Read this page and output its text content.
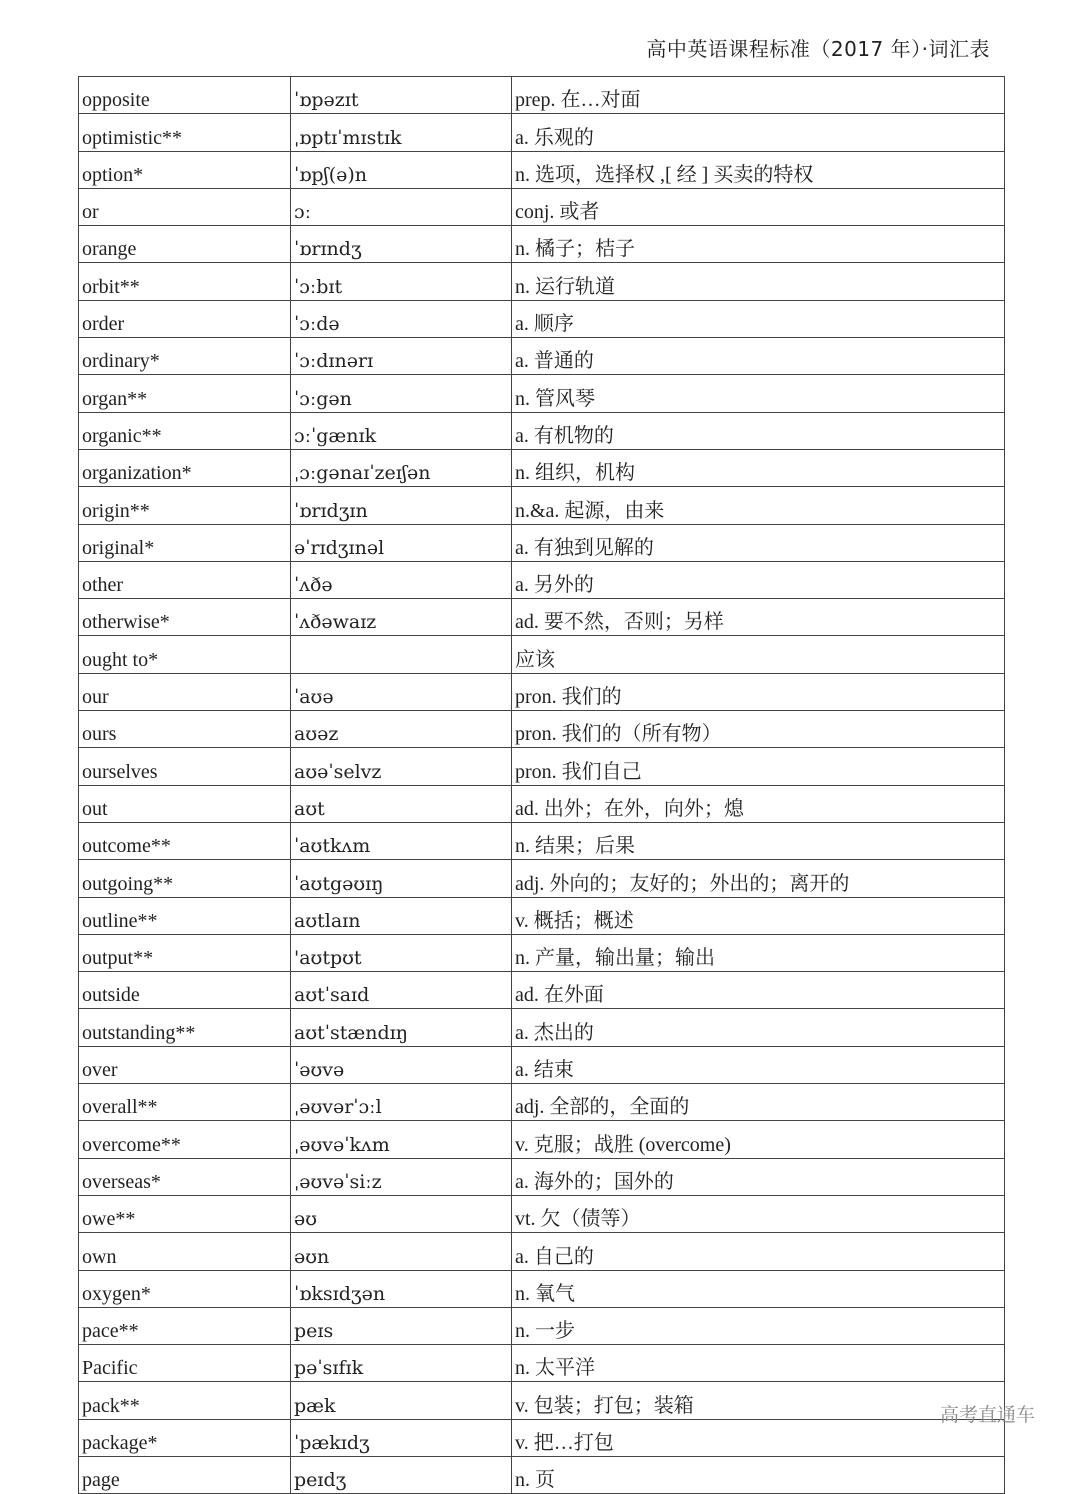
高中英语课程标准（2017 年）·词汇表
opposite	ˈɒpəzɪt	prep. 在…对面
optimistic**	ˌɒptɪˈmɪstɪk	a. 乐观的
option*	ˈɒpʃ(ə)n	n. 选项，选择权 ,[ 经 ] 买卖的特权
or	ɔː	conj. 或者
orange	ˈɒrɪndʒ	n. 橘子；桔子
orbit**	ˈɔːbɪt	n. 运行轨道
order	ˈɔːdə	a. 顺序
ordinary*	ˈɔːdɪnərɪ	a. 普通的
organ**	ˈɔːgən	n. 管风琴
organic**	ɔːˈgænɪk	a. 有机物的
organization*	ˌɔːgənaɪˈzeɪʃən	n. 组织，机构
origin**	ˈɒrɪdʒɪn	n.&a. 起源，由来
original*	əˈrɪdʒɪnəl	a. 有独到见解的
other	ˈʌðə	a. 另外的
otherwise*	ˈʌðəwaɪz	ad. 要不然，否则；另样
ought to*		应该
our	ˈaʊə	pron. 我们的
ours	aʊəz	pron. 我们的（所有物）
ourselves	aʊəˈselvz	pron. 我们自己
out	aʊt	ad. 出外；在外，向外；熄
outcome**	ˈaʊtkʌm	n. 结果；后果
outgoing**	ˈaʊtgəʊɪŋ	adj. 外向的；友好的；外出的；离开的
outline**	aʊtlaɪn	v. 概括；概述
output**	'aʊtpʊt	n. 产量，输出量；输出
outside	aʊtˈsaɪd	ad. 在外面
outstanding**	aʊtˈstændɪŋ	a. 杰出的
over	ˈəʊvə	a. 结束
overall**	ˌəʊvərˈɔːl	adj. 全部的，全面的
overcome**	ˌəʊvəˈkʌm	v. 克服；战胜 (overcome)
overseas*	ˌəʊvəˈsiːz	a. 海外的；国外的
owe**	əʊ	vt. 欠（债等）
own	əʊn	a. 自己的
oxygen*	ˈɒksɪdʒən	n. 氧气
pace**	peɪs	n. 一步
Pacific	pəˈsɪfɪk	n. 太平洋
pack**	pæk	v. 包装；打包；装箱
package*	ˈpækɪdʒ	v. 把…打包
page	peɪdʒ	n. 页
高考直通车
